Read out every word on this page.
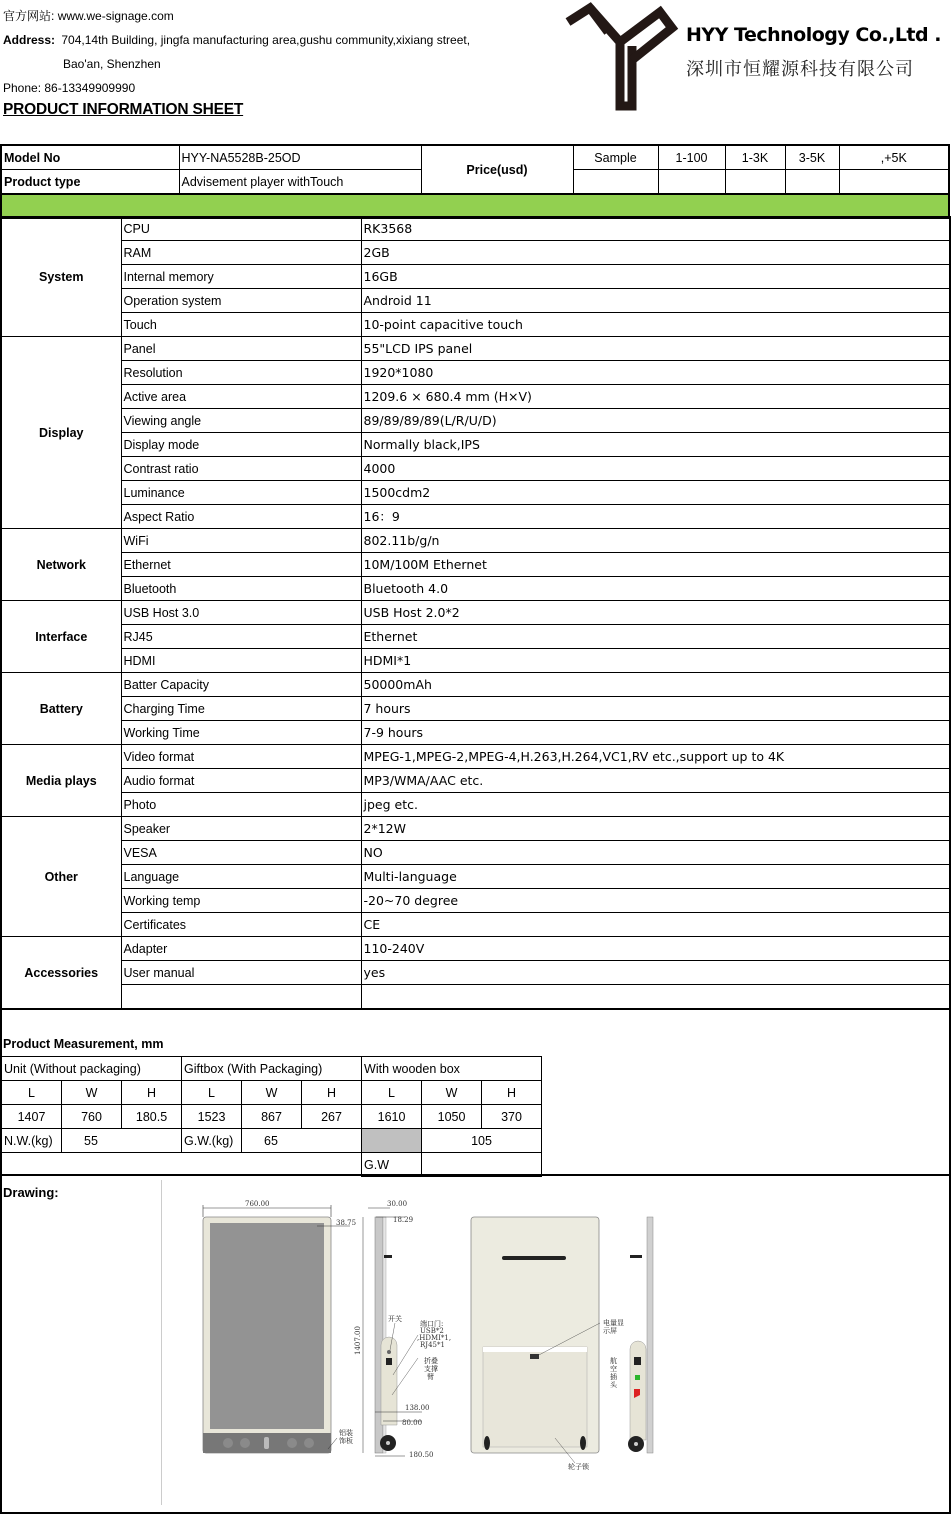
官方网站: www.we-signage.com
Address: 704,14th Building, jingfa manufacturing area,gushu community,xixiang street,
Bao'an, Shenzhen
Phone: 86-13349909990
PRODUCT INFORMATION SHEET
HYY Technology Co.,Ltd .
深圳市恒耀源科技有限公司
Model No	HYY-NA5528B-25OD	Price(usd)	Sample	1-100	1-3K	3-5K	,+5K
Product type	Advisement player withTouch						

System	CPU	RK3568
	RAM	2GB
	Internal memory	16GB
	Operation system	Android 11
	Touch	10-point capacitive touch
Display	Panel	55"LCD IPS panel
	Resolution	1920*1080
	Active area	1209.6 × 680.4 mm (H×V)
	Viewing angle	89/89/89/89(L/R/U/D)
	Display mode	Normally black,IPS
	Contrast ratio	4000
	Luminance	1500cdm2
	Aspect Ratio	16：9
Network	WiFi	802.11b/g/n
	Ethernet	10M/100M Ethernet
	Bluetooth	Bluetooth 4.0
Interface	USB Host 3.0	USB Host 2.0*2
	RJ45	Ethernet
	HDMI	HDMI*1
Battery	Batter Capacity	50000mAh
	Charging Time	7 hours
	Working Time	7-9 hours
Media plays	Video format	MPEG-1,MPEG-2,MPEG-4,H.263,H.264,VC1,RV etc.,support up to 4K
	Audio format	MP3/WMA/AAC etc.
	Photo	jpeg etc.
Other	Speaker	2*12W
	VESA	NO
	Language	Multi-language
	Working temp	-20~70 degree
	Certificates	CE
Accessories	Adapter	110-240V
	User manual	yes

Product Measurement, mm
Unit (Without packaging)			Giftbox (With Packaging)			With wooden box		
L	W	H	L	W	H	L	W	H
1407	760	180.5	1523	867	267	1610	1050	370
N.W.(kg)	55		G.W.(kg)	65			105	
						G.W		
Drawing:
760.00
38.75
铝装
饰板
30.00
18.29
1407.00
138.00
80.00
180.50
开关
端口门:
USB*2
,HDMI*1,
RJ45*1
折叠
支撑
臂
电量显
示屏
轮子锁
航
空
插
头
